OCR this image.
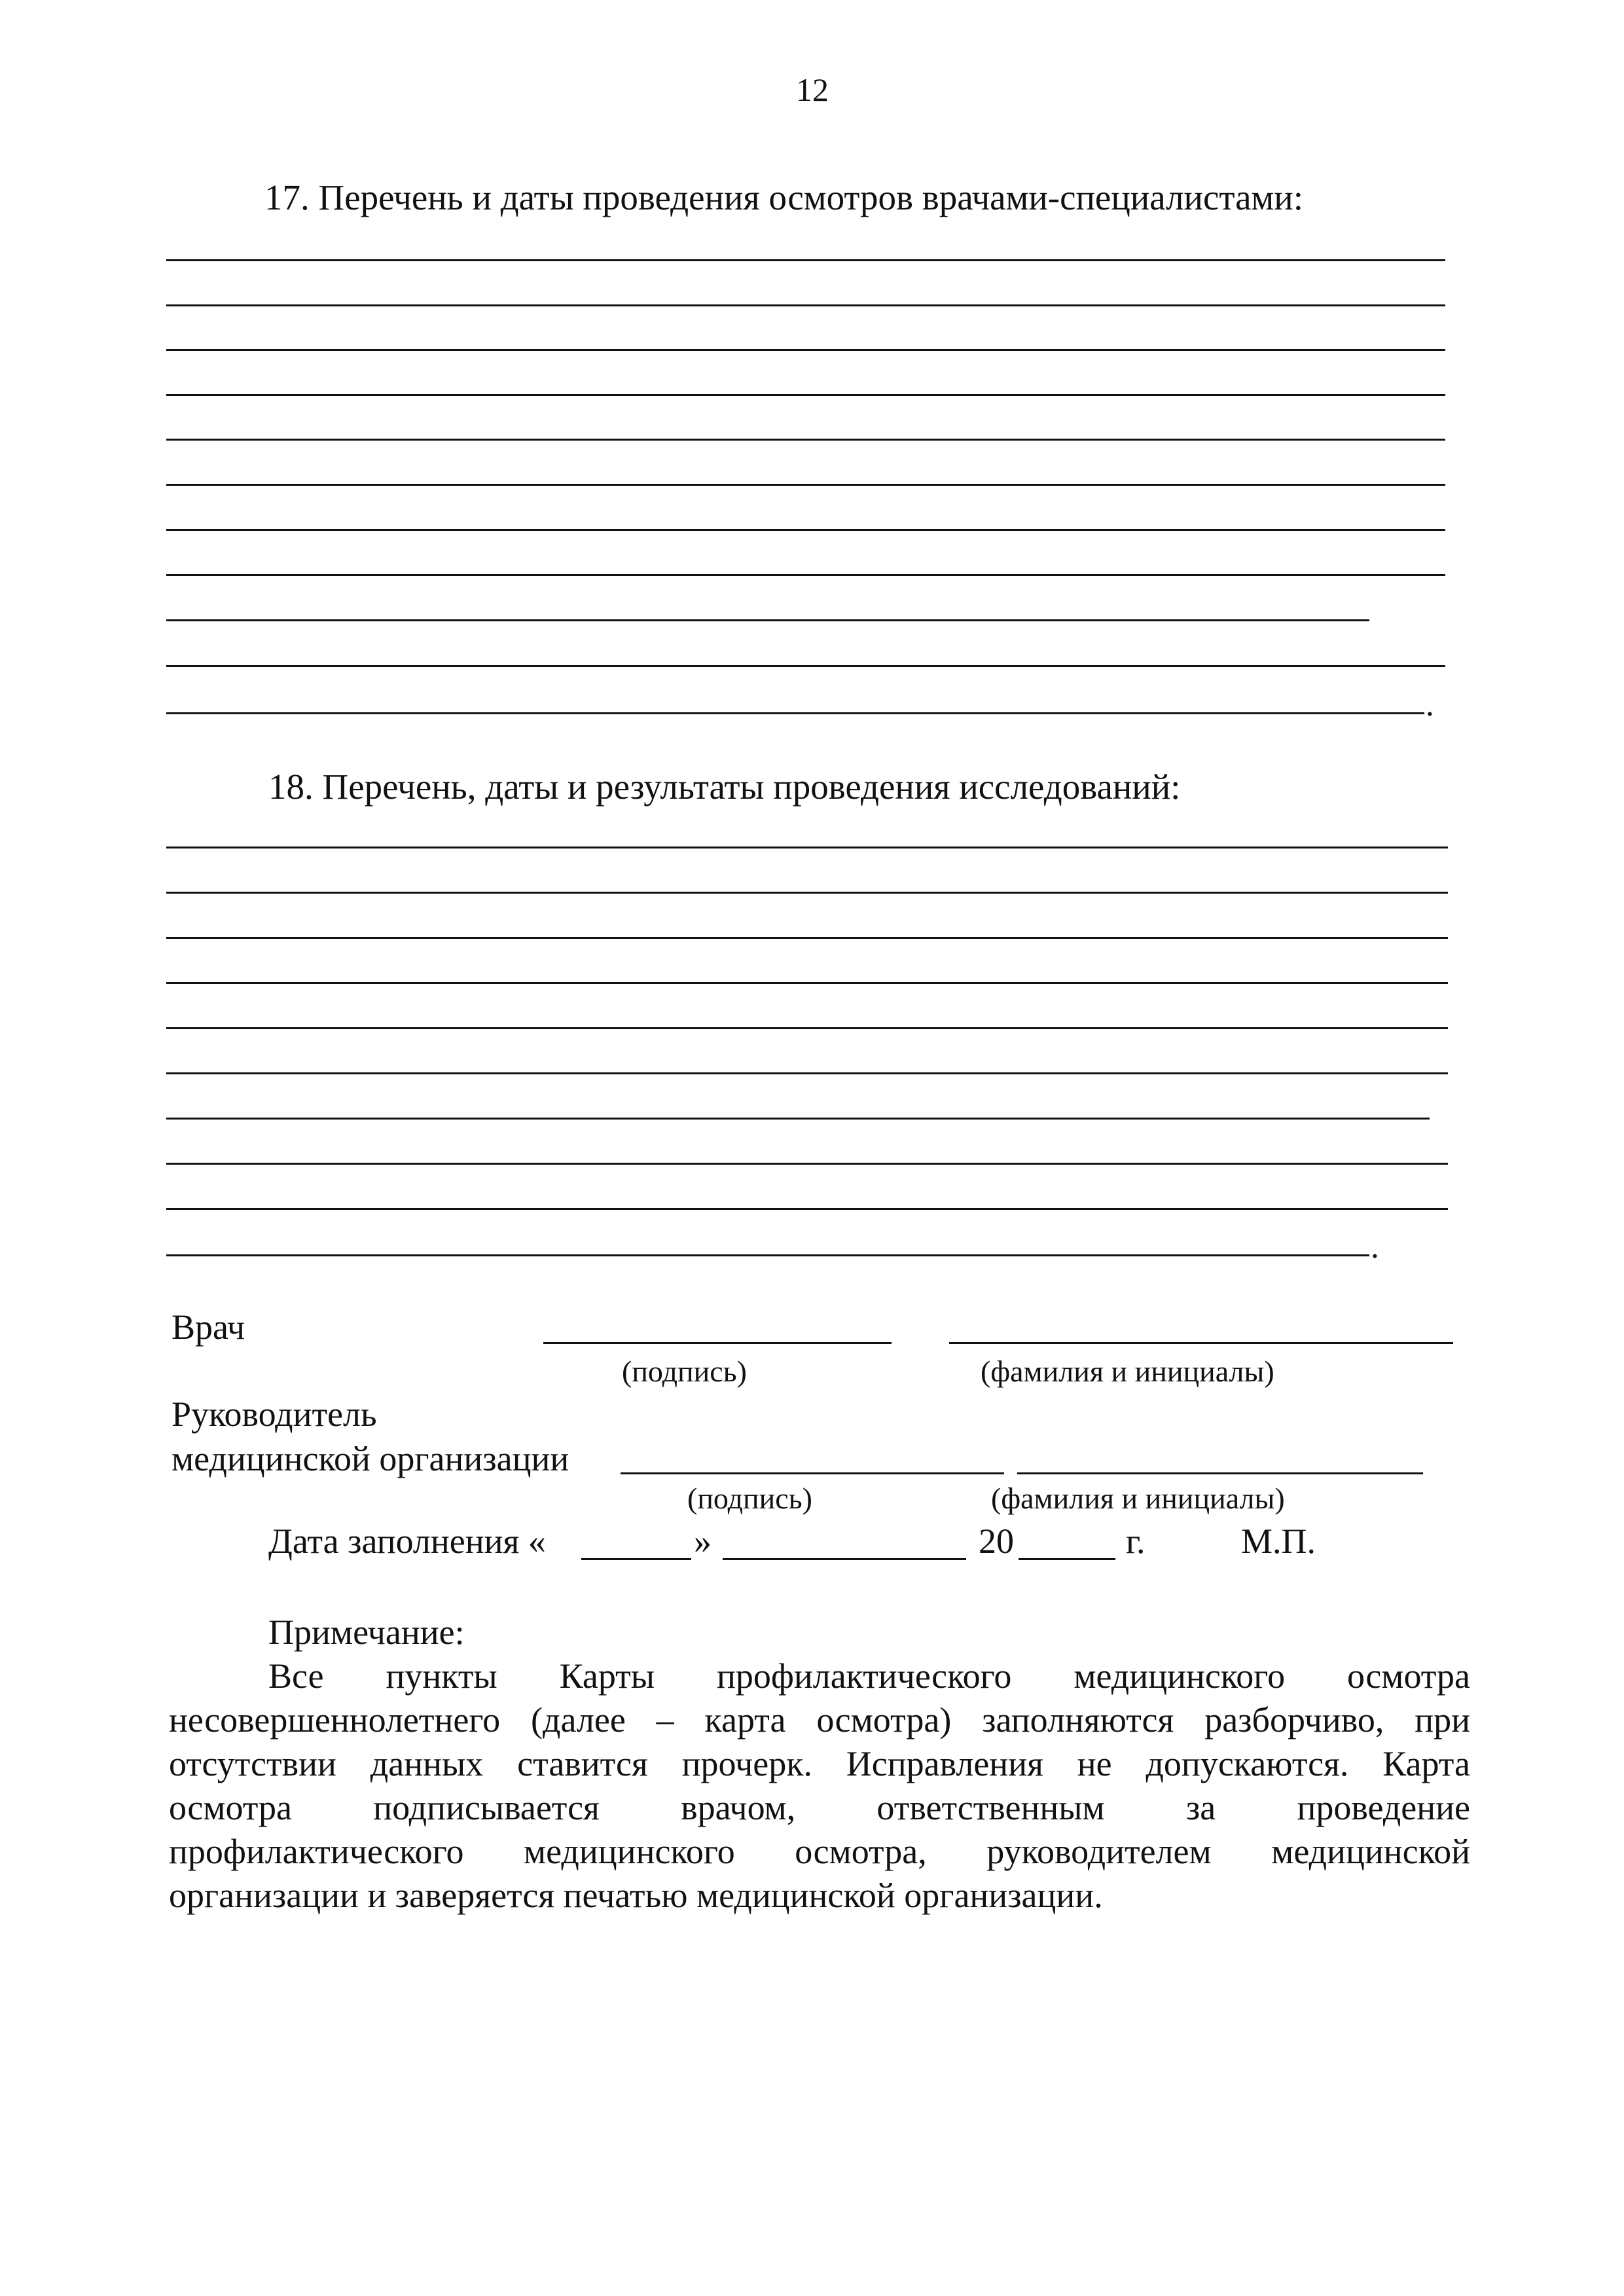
12
17. Перечень и даты проведения осмотров врачами-специалистами:
.
18. Перечень, даты и результаты проведения исследований:
.
Врач
(подпись)	(фамилия и инициалы)
Руководитель
медицинской организации
(подпись)	(фамилия и инициалы)
Дата заполнения «	»	20	г.	М.П.
Примечание:
Все пункты Карты профилактического медицинского осмотра
несовершеннолетнего (далее – карта осмотра) заполняются разборчиво, при
отсутствии данных ставится прочерк. Исправления не допускаются. Карта
осмотра подписывается врачом, ответственным за проведение
профилактического медицинского осмотра, руководителем медицинской
организации и заверяется печатью медицинской организации.
